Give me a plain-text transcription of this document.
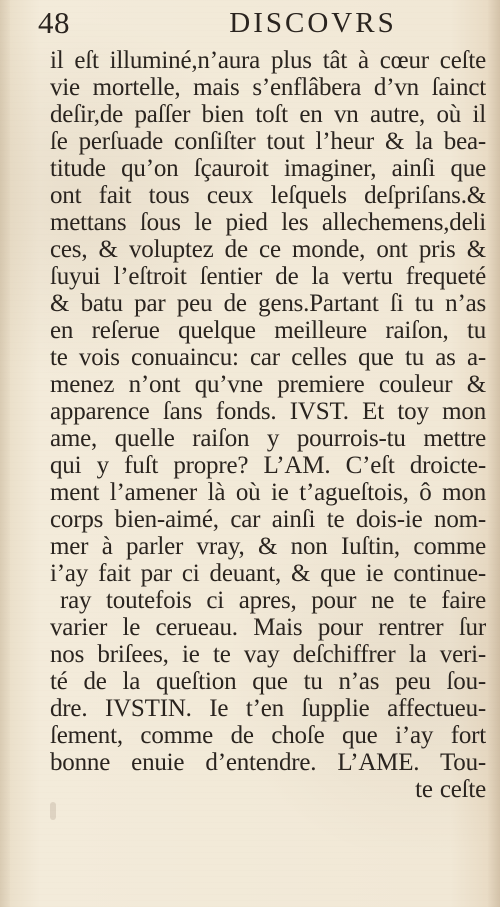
48	DISCOVRS
il eſt illuminé,n’aura plus tât à cœur ceſte
vie mortelle, mais s’enflâbera d’vn ſainct
deſir,de paſſer bien toſt en vn autre, où il
ſe perſuade conſiſter tout l’heur & la bea-
titude qu’on ſçauroit imaginer, ainſi que
ont fait tous ceux leſquels deſpriſans.&
mettans ſous le pied les allechemens,deli
ces, & voluptez de ce monde, ont pris &
ſuyui l’eſtroit ſentier de la vertu frequeté
& batu par peu de gens.Partant ſi tu n’as
en reſerue quelque meilleure raiſon, tu
te vois conuaincu: car celles que tu as a-
menez n’ont qu’vne premiere couleur &
apparence ſans fonds. IVST. Et toy mon
ame, quelle raiſon y pourrois-tu mettre
qui y fuſt propre? L’AM. C’eſt droicte-
ment l’amener là où ie t’agueſtois, ô mon
corps bien-aimé, car ainſi te dois-ie nom-
mer à parler vray, & non Iuſtin, comme
i’ay fait par ci deuant, & que ie continue-
ray toutefois ci apres, pour ne te faire
varier le cerueau. Mais pour rentrer ſur
nos briſees, ie te vay deſchiffrer la veri-
té de la queſtion que tu n’as peu ſou-
dre. IVSTIN. Ie t’en ſupplie affectueu-
ſement, comme de choſe que i’ay fort
bonne enuie d’entendre. L’AME. Tou-
te ceſte
